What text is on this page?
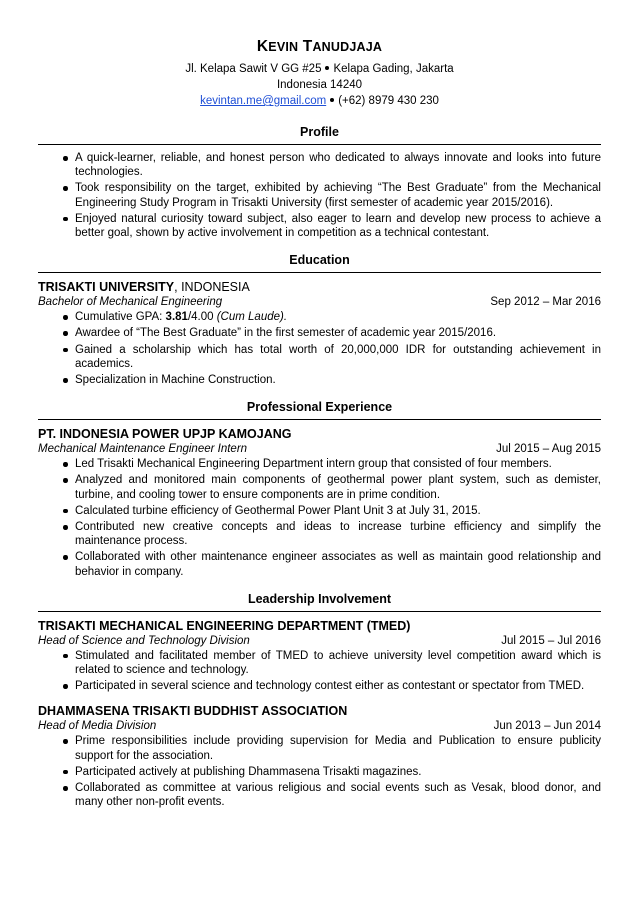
KEVIN TANUDJAJA
Jl. Kelapa Sawit V GG #25 Kelapa Gading, Jakarta
Indonesia 14240
kevintan.me@gmail.com (+62) 8979 430 230
Profile
A quick-learner, reliable, and honest person who dedicated to always innovate and looks into future technologies.
Took responsibility on the target, exhibited by achieving “The Best Graduate” from the Mechanical Engineering Study Program in Trisakti University (first semester of academic year 2015/2016).
Enjoyed natural curiosity toward subject, also eager to learn and develop new process to achieve a better goal, shown by active involvement in competition as a technical contestant.
Education
TRISAKTI UNIVERSITY, INDONESIA
Bachelor of Mechanical Engineering	Sep 2012 – Mar 2016
Cumulative GPA: 3.81/4.00 (Cum Laude).
Awardee of “The Best Graduate” in the first semester of academic year 2015/2016.
Gained a scholarship which has total worth of 20,000,000 IDR for outstanding achievement in academics.
Specialization in Machine Construction.
Professional Experience
PT. INDONESIA POWER UPJP KAMOJANG
Mechanical Maintenance Engineer Intern	Jul 2015 – Aug 2015
Led Trisakti Mechanical Engineering Department intern group that consisted of four members.
Analyzed and monitored main components of geothermal power plant system, such as demister, turbine, and cooling tower to ensure components are in prime condition.
Calculated turbine efficiency of Geothermal Power Plant Unit 3 at July 31, 2015.
Contributed new creative concepts and ideas to increase turbine efficiency and simplify the maintenance process.
Collaborated with other maintenance engineer associates as well as maintain good relationship and behavior in company.
Leadership Involvement
TRISAKTI MECHANICAL ENGINEERING DEPARTMENT (TMED)
Head of Science and Technology Division	Jul 2015 – Jul 2016
Stimulated and facilitated member of TMED to achieve university level competition award which is related to science and technology.
Participated in several science and technology contest either as contestant or spectator from TMED.
DHAMMASENA TRISAKTI BUDDHIST ASSOCIATION
Head of Media Division	Jun 2013 – Jun 2014
Prime responsibilities include providing supervision for Media and Publication to ensure publicity support for the association.
Participated actively at publishing Dhammasena Trisakti magazines.
Collaborated as committee at various religious and social events such as Vesak, blood donor, and many other non-profit events.
